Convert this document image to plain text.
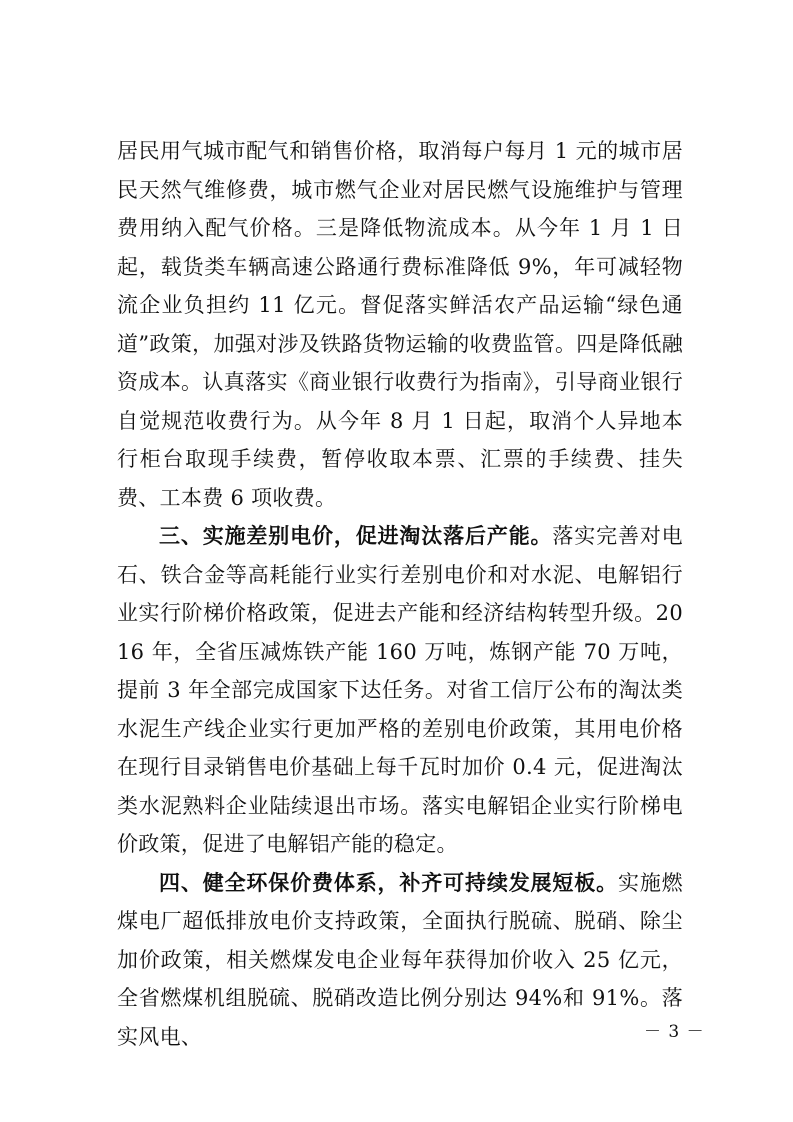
居民用气城市配气和销售价格，取消每户每月 1 元的城市居民天然气维修费，城市燃气企业对居民燃气设施维护与管理费用纳入配气价格。三是降低物流成本。从今年 1 月 1 日起，载货类车辆高速公路通行费标准降低 9%，年可减轻物流企业负担约 11 亿元。督促落实鲜活农产品运输“绿色通道”政策，加强对涉及铁路货物运输的收费监管。四是降低融资成本。认真落实《商业银行收费行为指南》，引导商业银行自觉规范收费行为。从今年 8 月 1 日起，取消个人异地本行柜台取现手续费，暂停收取本票、汇票的手续费、挂失费、工本费 6 项收费。

三、实施差别电价，促进淘汰落后产能。落实完善对电石、铁合金等高耗能行业实行差别电价和对水泥、电解铝行业实行阶梯价格政策，促进去产能和经济结构转型升级。2016 年，全省压减炼铁产能 160 万吨，炼钢产能 70 万吨，提前 3 年全部完成国家下达任务。对省工信厅公布的淘汰类水泥生产线企业实行更加严格的差别电价政策，其用电价格在现行目录销售电价基础上每千瓦时加价 0.4 元，促进淘汰类水泥熟料企业陆续退出市场。落实电解铝企业实行阶梯电价政策，促进了电解铝产能的稳定。

四、健全环保价费体系，补齐可持续发展短板。实施燃煤电厂超低排放电价支持政策，全面执行脱硫、脱硝、除尘加价政策，相关燃煤发电企业每年获得加价收入 25 亿元，全省燃煤机组脱硫、脱硝改造比例分别达 94%和 91%。落实风电、	－ 3 －
